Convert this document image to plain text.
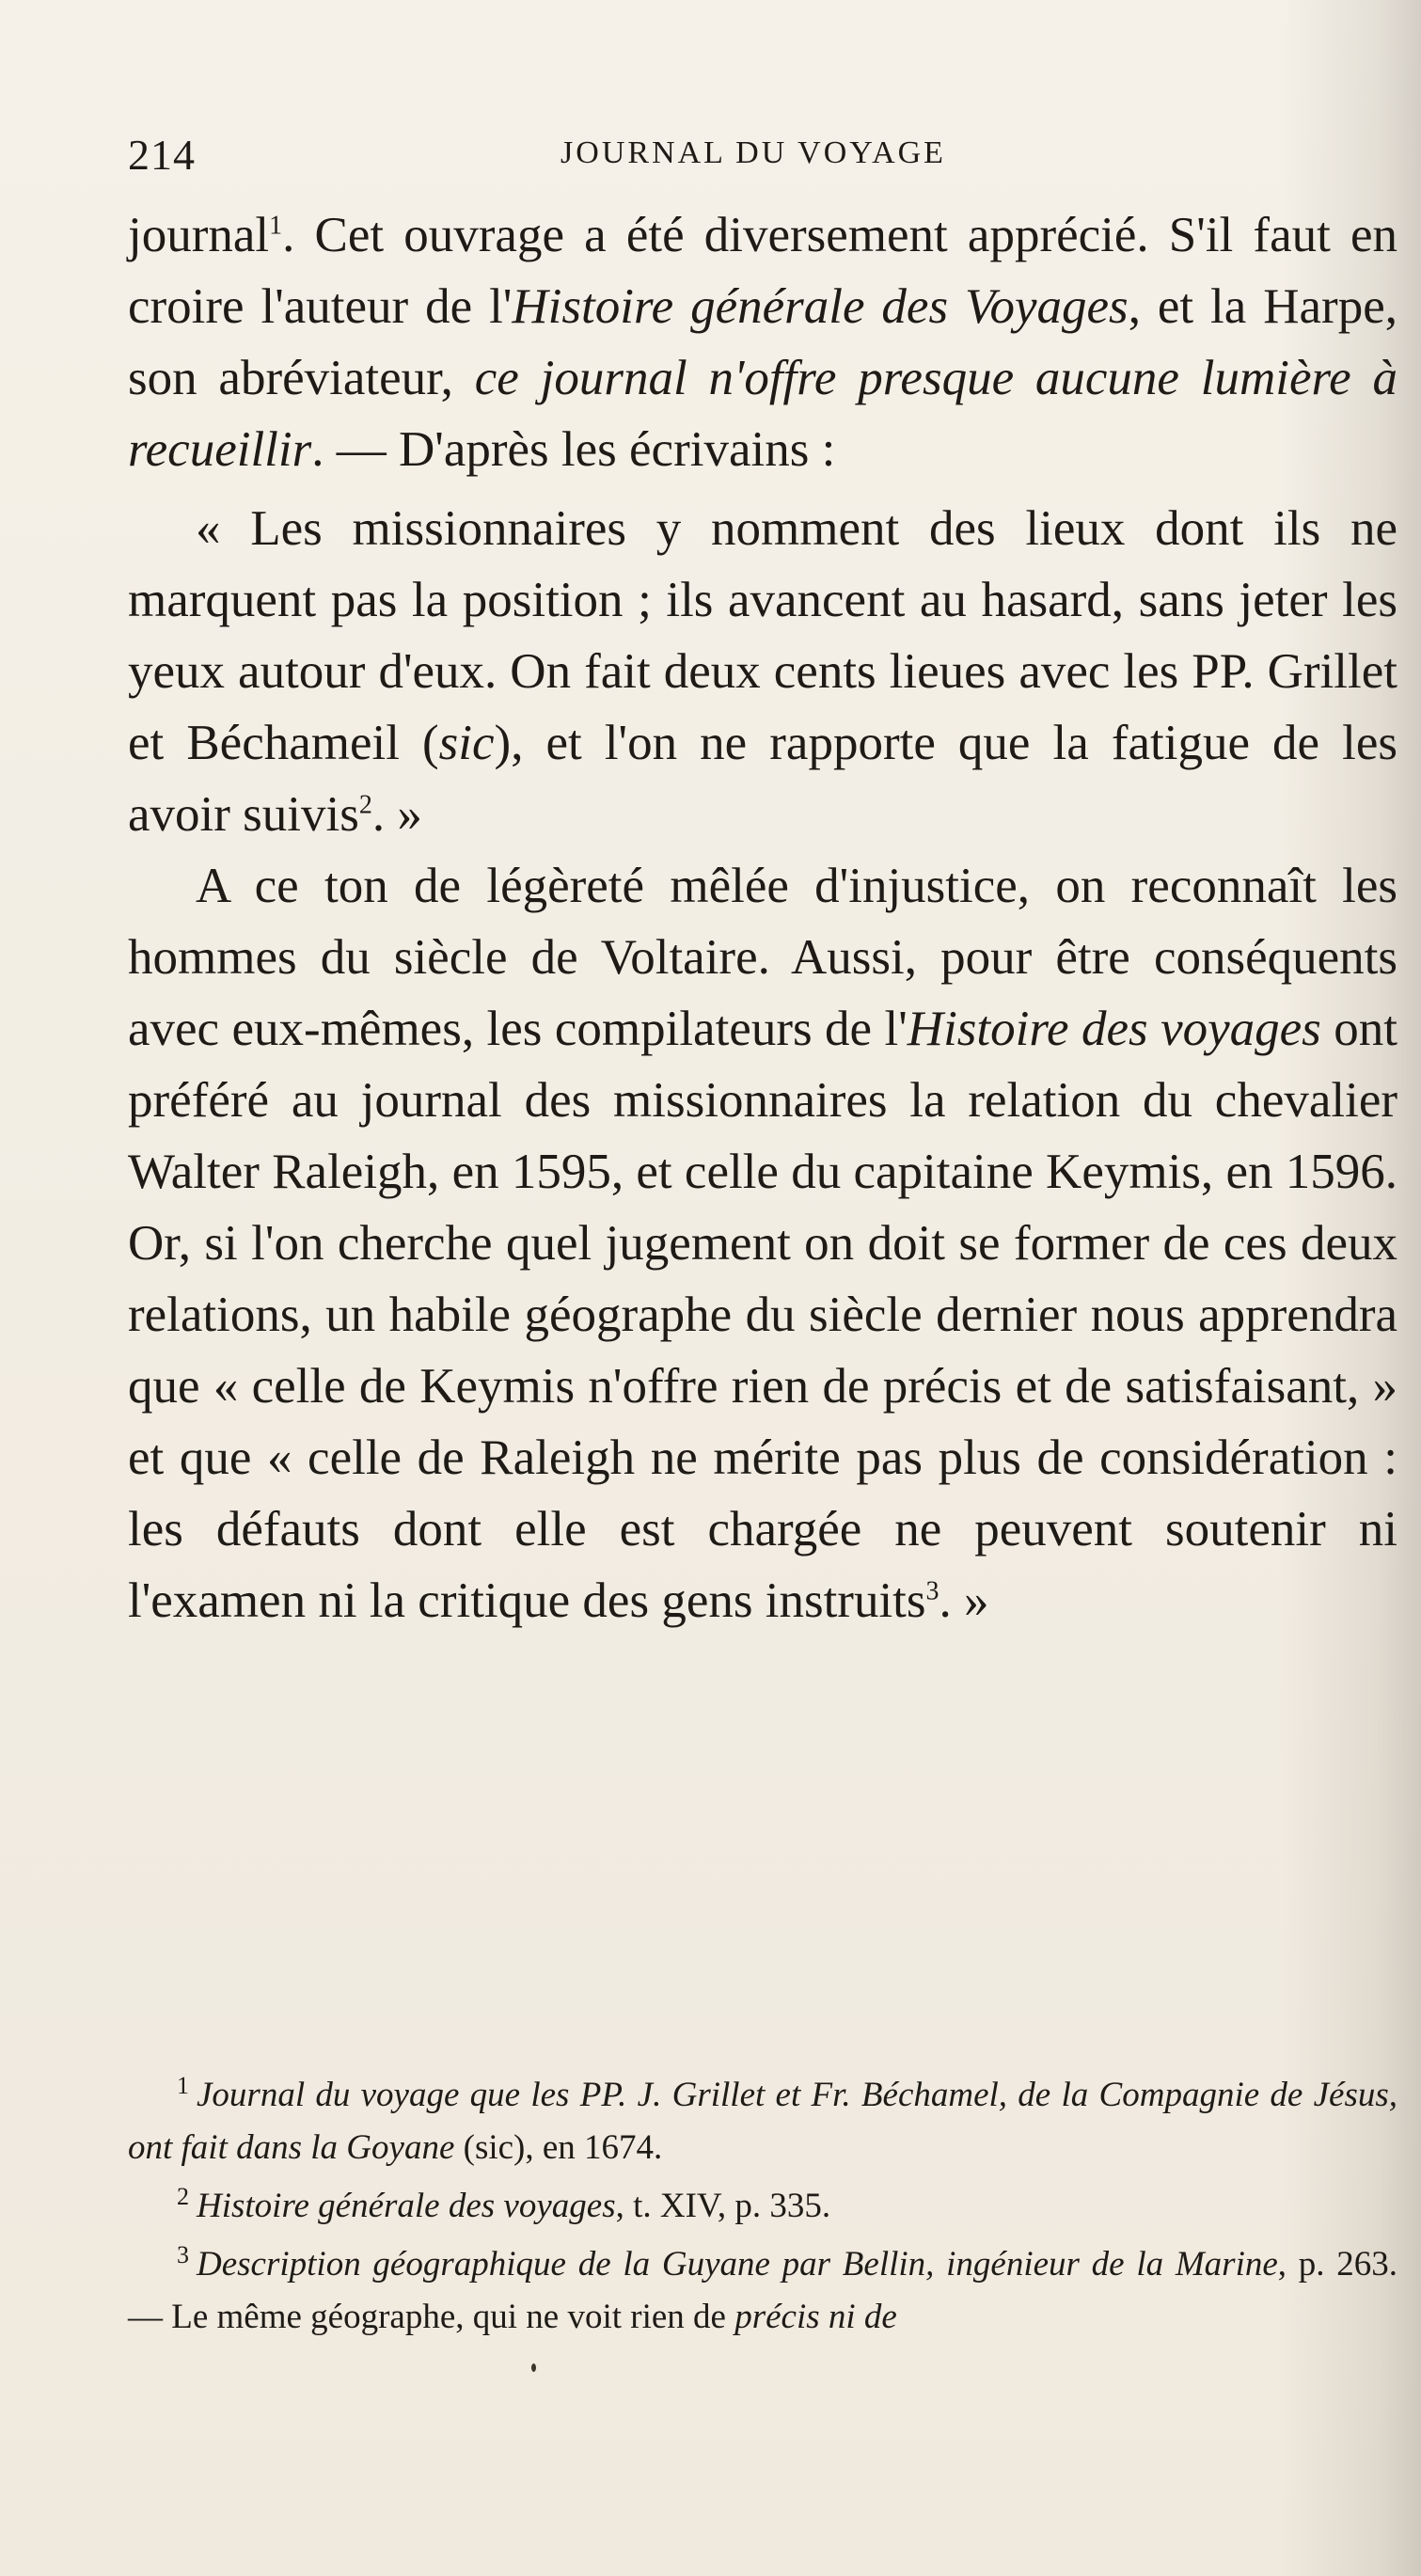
214	JOURNAL DU VOYAGE

journal$^1$. Cet ouvrage a été diversement apprécié. S'il faut en croire l'auteur de l'Histoire générale des Voyages, et la Harpe, son abréviateur, ce journal n'offre presque aucune lumière à recueillir. — D'après les écrivains :

« Les missionnaires y nomment des lieux dont ils ne marquent pas la position ; ils avancent au hasard, sans jeter les yeux autour d'eux. On fait deux cents lieues avec les PP. Grillet et Béchameil (sic), et l'on ne rapporte que la fatigue de les avoir suivis$^2$. »

A ce ton de légèreté mêlée d'injustice, on reconnaît les hommes du siècle de Voltaire. Aussi, pour être conséquents avec eux-mêmes, les compilateurs de l'Histoire des voyages ont préféré au journal des missionnaires la relation du chevalier Walter Raleigh, en 1595, et celle du capitaine Keymis, en 1596. Or, si l'on cherche quel jugement on doit se former de ces deux relations, un habile géographe du siècle dernier nous apprendra que « celle de Keymis n'offre rien de précis et de satisfaisant, » et que « celle de Raleigh ne mérite pas plus de considération : les défauts dont elle est chargée ne peuvent soutenir ni l'examen ni la critique des gens instruits$^3$. »

$^1$ Journal du voyage que les PP. J. Grillet et Fr. Béchamel, de la Compagnie de Jésus, ont fait dans la Goyane (sic), en 1674.

$^2$ Histoire générale des voyages, t. XIV, p. 335.

$^3$ Description géographique de la Guyane par Bellin, ingénieur de la Marine, p. 263. — Le même géographe, qui ne voit rien de précis ni de
